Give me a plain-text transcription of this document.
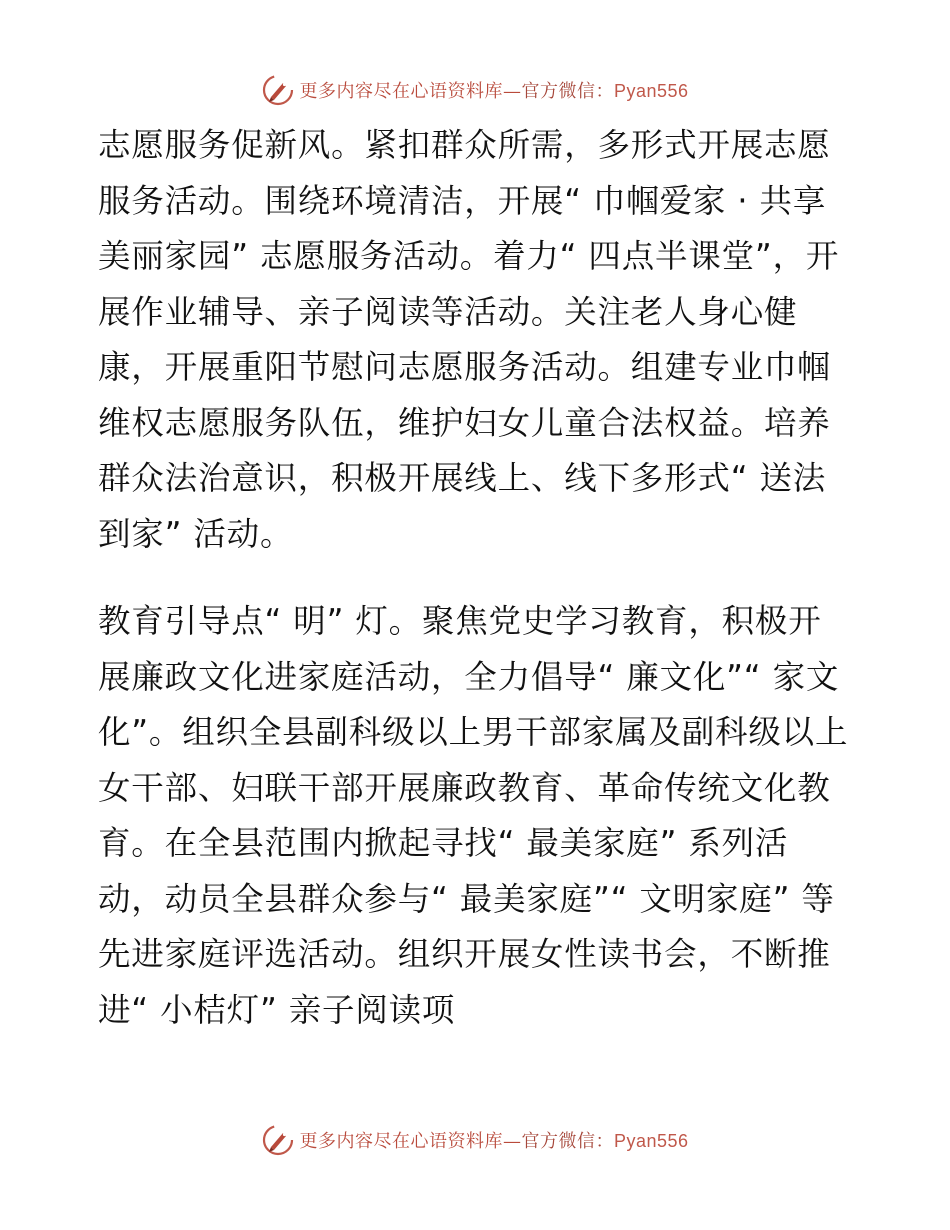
更多内容尽在心语资料库—官方微信：Pyan556

志愿服务促新风。紧扣群众所需，多形式开展志愿服务活动。围绕环境清洁，开展“ 巾帼爱家 · 共享美丽家园” 志愿服务活动。着力“ 四点半课堂”，开展作业辅导、亲子阅读等活动。关注老人身心健康，开展重阳节慰问志愿服务活动。组建专业巾帼维权志愿服务队伍，维护妇女儿童合法权益。培养群众法治意识，积极开展线上、线下多形式“ 送法到家” 活动。

教育引导点“ 明” 灯。聚焦党史学习教育，积极开展廉政文化进家庭活动，全力倡导“ 廉文化”“ 家文化”。组织全县副科级以上男干部家属及副科级以上女干部、妇联干部开展廉政教育、革命传统文化教育。在全县范围内掀起寻找“ 最美家庭” 系列活动，动员全县群众参与“ 最美家庭”“ 文明家庭” 等先进家庭评选活动。组织开展女性读书会，不断推进“ 小桔灯” 亲子阅读项

更多内容尽在心语资料库—官方微信：Pyan556
